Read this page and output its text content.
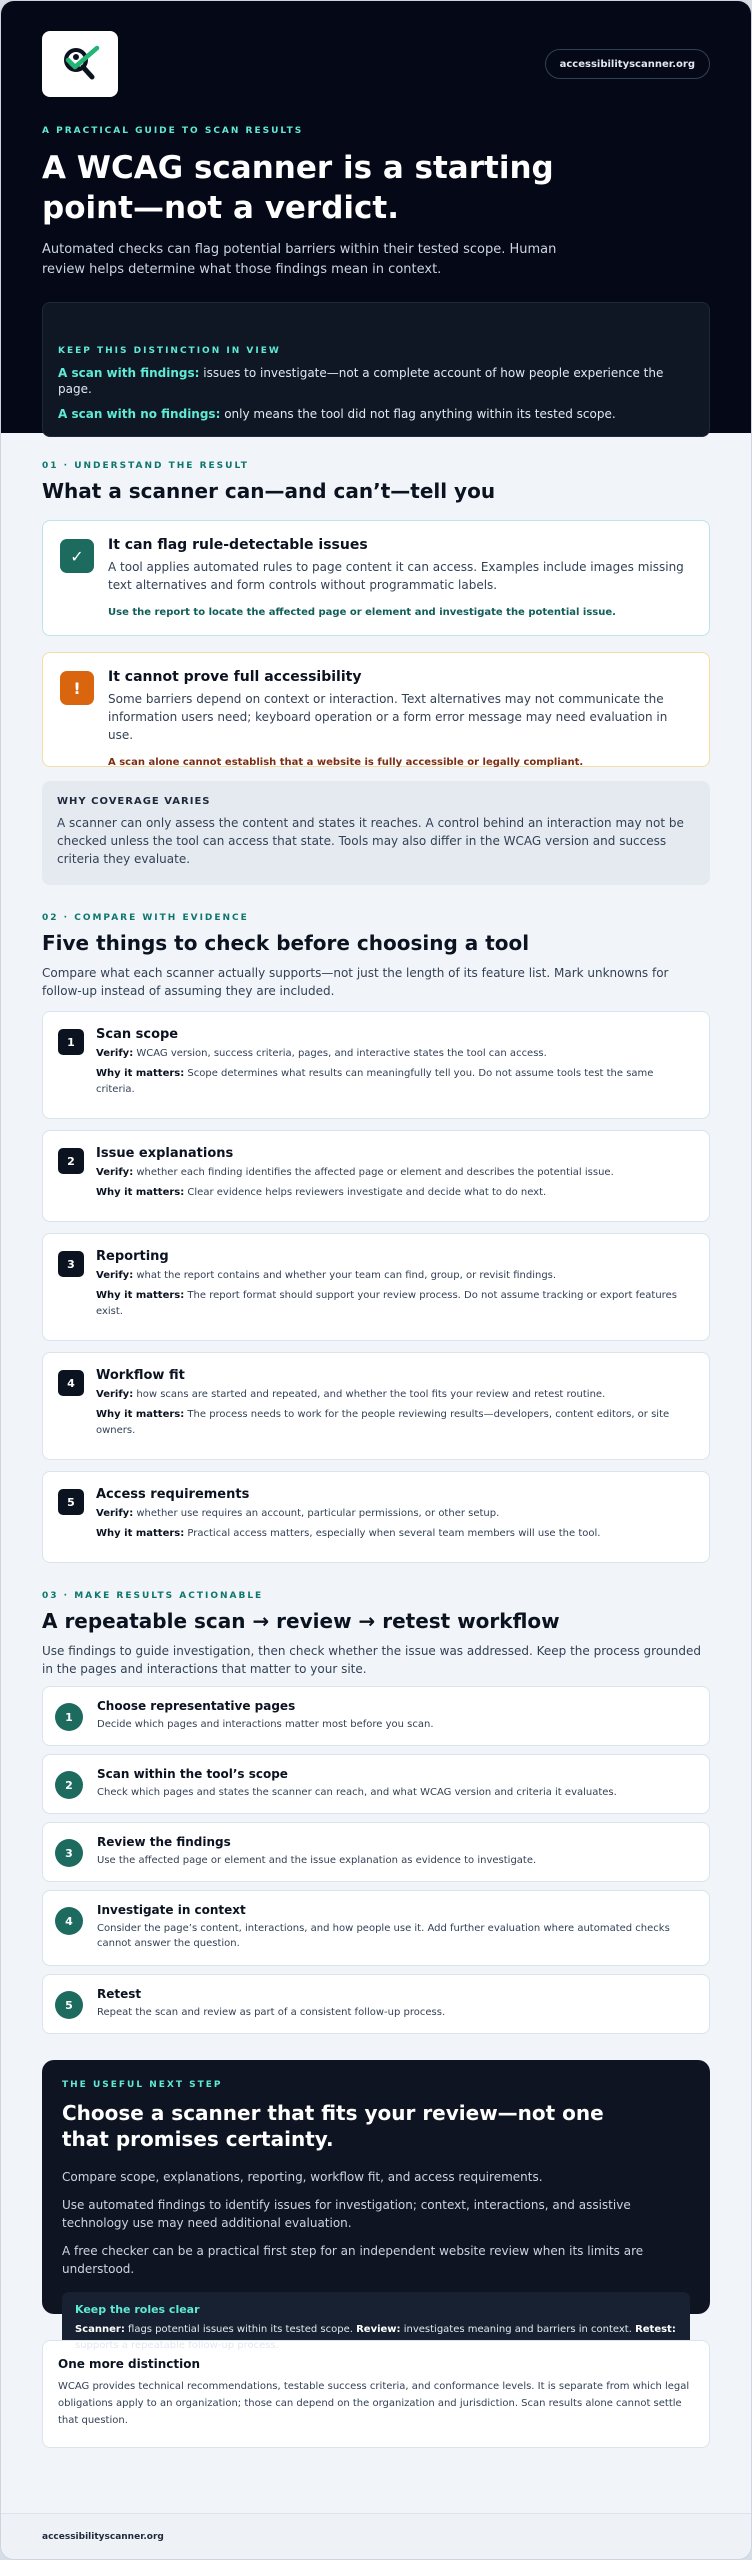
accessibilityscanner.org
A PRACTICAL GUIDE TO SCAN RESULTS
A WCAG scanner is a starting point—not a verdict.

Automated checks can flag potential barriers within their tested scope. Human review helps determine what those findings mean in context.

KEEP THIS DISTINCTION IN VIEW
A scan with findings: issues to investigate—not a complete account of how people experience the page.
A scan with no findings: only means the tool did not flag anything within its tested scope.
01 · UNDERSTAND THE RESULT
What a scanner can—and can’t—tell you
✓
It can flag rule-detectable issues

A tool applies automated rules to page content it can access. Examples include images missing text alternatives and form controls without programmatic labels.

Use the report to locate the affected page or element and investigate the potential issue.

!
It cannot prove full accessibility

Some barriers depend on context or interaction. Text alternatives may not communicate the information users need; keyboard operation or a form error message may need evaluation in use.

A scan alone cannot establish that a website is fully accessible or legally compliant.

WHY COVERAGE VARIES

A scanner can only assess the content and states it reaches. A control behind an interaction may not be checked unless the tool can access that state. Tools may also differ in the WCAG version and success criteria they evaluate.

02 · COMPARE WITH EVIDENCE
Five things to check before choosing a tool

Compare what each scanner actually supports—not just the length of its feature list. Mark unknowns for follow-up instead of assuming they are included.

1	Scan scope

Verify: WCAG version, success criteria, pages, and interactive states the tool can access.

Why it matters: Scope determines what results can meaningfully tell you. Do not assume tools test the same criteria.

2	Issue explanations

Verify: whether each finding identifies the affected page or element and describes the potential issue.

Why it matters: Clear evidence helps reviewers investigate and decide what to do next.

3	Reporting

Verify: what the report contains and whether your team can find, group, or revisit findings.

Why it matters: The report format should support your review process. Do not assume tracking or export features exist.

4	Workflow fit

Verify: how scans are started and repeated, and whether the tool fits your review and retest routine.

Why it matters: The process needs to work for the people reviewing results—developers, content editors, or site owners.

5	Access requirements

Verify: whether use requires an account, particular permissions, or other setup.

Why it matters: Practical access matters, especially when several team members will use the tool.

03 · MAKE RESULTS ACTIONABLE
A repeatable scan → review → retest workflow

Use findings to guide investigation, then check whether the issue was addressed. Keep the process grounded in the pages and interactions that matter to your site.

1
Choose representative pages

Decide which pages and interactions matter most before you scan.

2
Scan within the tool’s scope

Check which pages and states the scanner can reach, and what WCAG version and criteria it evaluates.

3
Review the findings

Use the affected page or element and the issue explanation as evidence to investigate.

4
Investigate in context

Consider the page’s content, interactions, and how people use it. Add further evaluation where automated checks cannot answer the question.

5
Retest

Repeat the scan and review as part of a consistent follow-up process.

THE USEFUL NEXT STEP
Choose a scanner that fits your review—not one that promises certainty.

Compare scope, explanations, reporting, workflow fit, and access requirements.

Use automated findings to identify issues for investigation; context, interactions, and assistive technology use may need additional evaluation.

A free checker can be a practical first step for an independent website review when its limits are understood.

Keep the roles clear

Scanner: flags potential issues within its tested scope. Review: investigates meaning and barriers in context. Retest: supports a repeatable follow-up process.

One more distinction

WCAG provides technical recommendations, testable success criteria, and conformance levels. It is separate from which legal obligations apply to an organization; those can depend on the organization and jurisdiction. Scan results alone cannot settle that question.

accessibilityscanner.org
